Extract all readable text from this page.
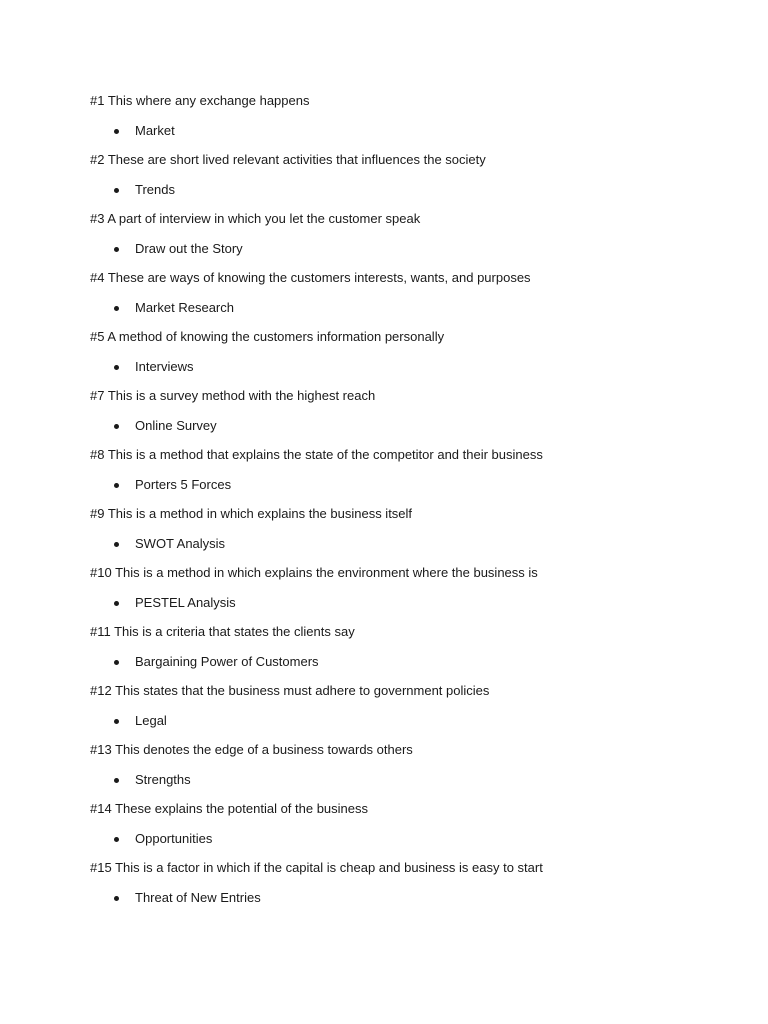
#1 This where any exchange happens

Market

#2 These are short lived relevant activities that influences the society

Trends

#3 A part of interview in which you let the customer speak

Draw out the Story

#4 These are ways of knowing the customers interests, wants, and purposes

Market Research

#5 A method of knowing the customers information personally

Interviews

#7 This is a survey method with the highest reach

Online Survey

#8 This is a method that explains the state of the competitor and their business

Porters 5 Forces

#9 This is a method in which explains the business itself

SWOT Analysis

#10 This is a method in which explains the environment where the business is

PESTEL Analysis

#11 This is a criteria that states the clients say

Bargaining Power of Customers

#12 This states that the business must adhere to government policies

Legal

#13 This denotes the edge of a business towards others

Strengths

#14 These explains the potential of the business

Opportunities

#15 This is a factor in which if the capital is cheap and business is easy to start

Threat of New Entries
